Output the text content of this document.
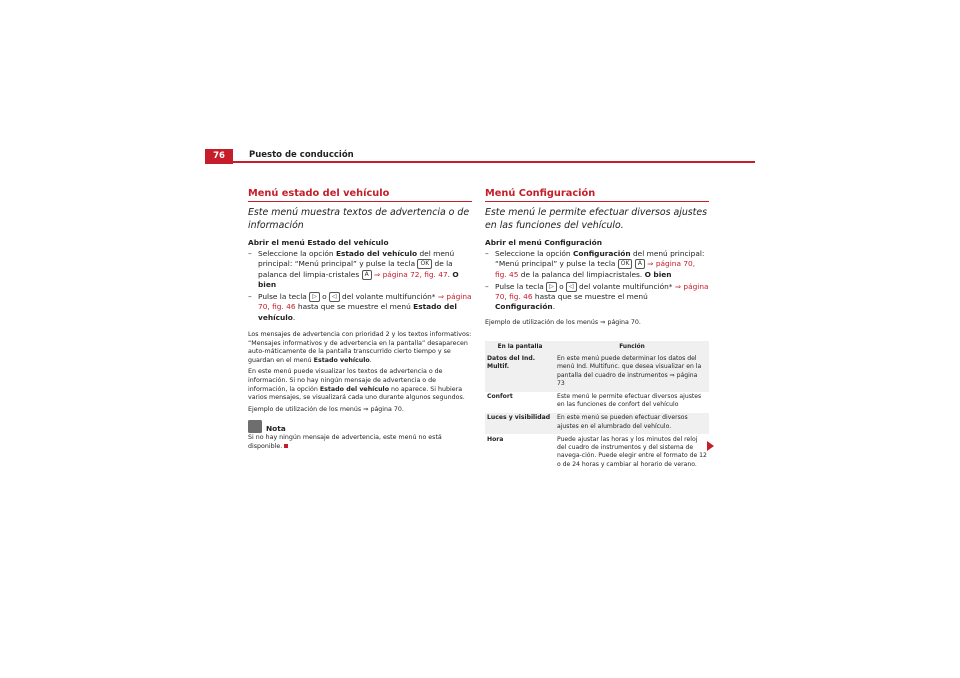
76	Puesto de conducción
Menú estado del vehículo

Este menú muestra textos de advertencia o de información

Abrir el menú Estado del vehículo

– Seleccione la opción Estado del vehículo del menú principal: “Menú principal” y pulse la tecla OK de la palanca del limpia-cristales A ⇒ página 72, fig. 47. O bien
– Pulse la tecla ▷ o ◁ del volante multifunción* ⇒ página 70, fig. 46 hasta que se muestre el menú Estado del vehículo.

Los mensajes de advertencia con prioridad 2 y los textos informativos: “Mensajes informativos y de advertencia en la pantalla” desaparecen auto-máticamente de la pantalla transcurrido cierto tiempo y se guardan en el menú Estado vehículo.

En este menú puede visualizar los textos de advertencia o de información. Si no hay ningún mensaje de advertencia o de información, la opción Estado del vehículo no aparece. Si hubiera varios mensajes, se visualizará cada uno durante algunos segundos.

Ejemplo de utilización de los menús ⇒ página 70.

Nota

Si no hay ningún mensaje de advertencia, este menú no está disponible.

Menú Configuración

Este menú le permite efectuar diversos ajustes en las funciones del vehículo.

Abrir el menú Configuración

– Seleccione la opción Configuración del menú principal: “Menú principal” y pulse la tecla OK A ⇒ página 70, fig. 45 de la palanca del limpiacristales. O bien
– Pulse la tecla ▷ o ◁ del volante multifunción* ⇒ página 70, fig. 46 hasta que se muestre el menú Configuración.

Ejemplo de utilización de los menús ⇒ página 70.

En la pantalla	Función
Datos del Ind. Multif.	En este menú puede determinar los datos del menú Ind. Multifunc. que desea visualizar en la pantalla del cuadro de instrumentos ⇒ página 73
Confort	Este menú le permite efectuar diversos ajustes en las funciones de confort del vehículo
Luces y visibilidad	En este menú se pueden efectuar diversos ajustes en el alumbrado del vehículo.
Hora	Puede ajustar las horas y los minutos del reloj del cuadro de instrumentos y del sistema de navega-ción. Puede elegir entre el formato de 12 o de 24 horas y cambiar al horario de verano.
